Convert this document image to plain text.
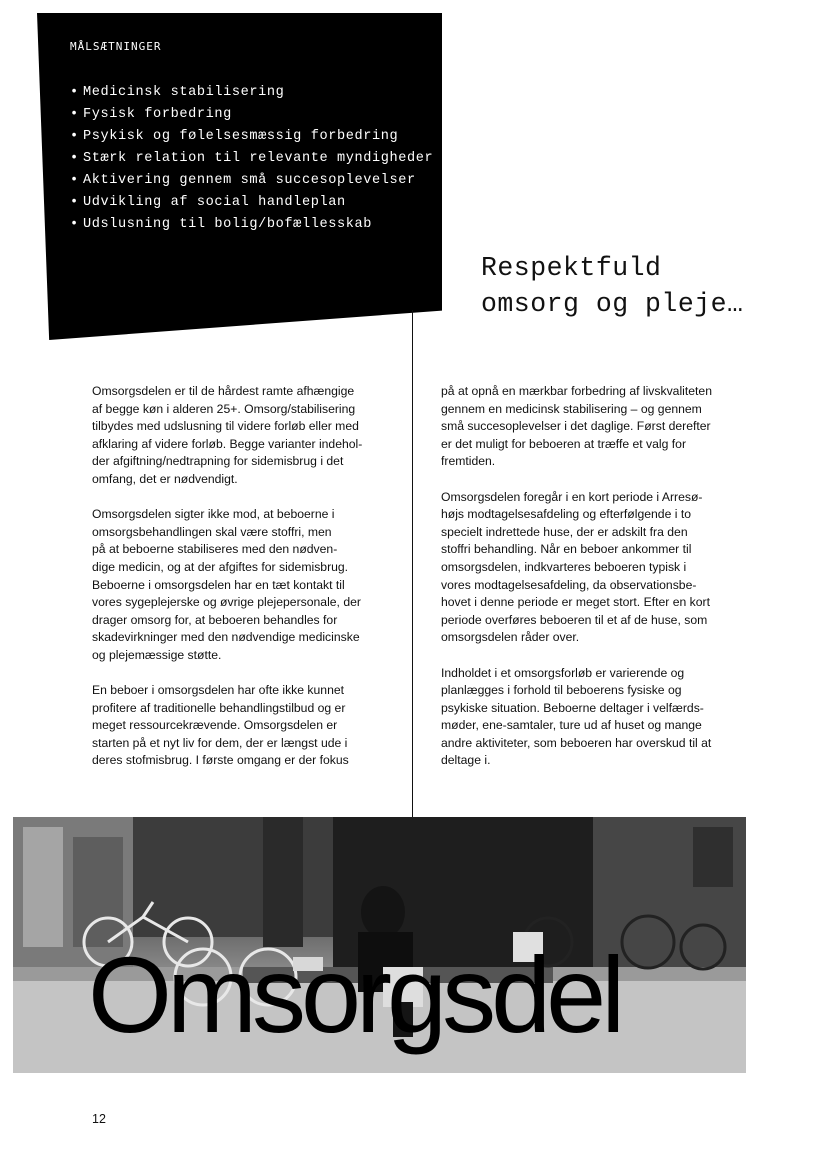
MÅLSÆTNINGER
• Medicinsk stabilisering
• Fysisk forbedring
• Psykisk og følelsesmæssig forbedring
• Stærk relation til relevante myndigheder
• Aktivering gennem små succesoplevelser
• Udvikling af social handleplan
• Udslusning til bolig/bofællesskab
Respektfuld
omsorg og pleje…

Omsorgsdelen er til de hårdest ramte afhængige
af begge køn i alderen 25+. Omsorg/stabilisering
tilbydes med udslusning til videre forløb eller med
afklaring af videre forløb. Begge varianter indehol-
der afgiftning/nedtrapning for sidemisbrug i det
omfang, det er nødvendigt.

Omsorgsdelen sigter ikke mod, at beboerne i
omsorgsbehandlingen skal være stoffri, men
på at beboerne stabiliseres med den nødven-
dige medicin, og at der afgiftes for sidemisbrug.
Beboerne i omsorgsdelen har en tæt kontakt til
vores sygeplejerske og øvrige plejepersonale, der
drager omsorg for, at beboeren behandles for
skadevirkninger med den nødvendige medicinske
og plejemæssige støtte.

En beboer i omsorgsdelen har ofte ikke kunnet
profitere af traditionelle behandlingstilbud og er
meget ressourcekrævende. Omsorgsdelen er
starten på et nyt liv for dem, der er længst ude i
deres stofmisbrug. I første omgang er der fokus

på at opnå en mærkbar forbedring af livskvaliteten
gennem en medicinsk stabilisering – og gennem
små succesoplevelser i det daglige. Først derefter
er det muligt for beboeren at træffe et valg for
fremtiden.

Omsorgsdelen foregår i en kort periode i Arresø-
højs modtagelsesafdeling og efterfølgende i to
specielt indrettede huse, der er adskilt fra den
stoffri behandling. Når en beboer ankommer til
omsorgsdelen, indkvarteres beboeren typisk i
vores modtagelsesafdeling, da observationsbe-
hovet i denne periode er meget stort. Efter en kort
periode overføres beboeren til et af de huse, som
omsorgsdelen råder over.

Indholdet i et omsorgsforløb er varierende og
planlægges i forhold til beboerens fysiske og
psykiske situation. Beboerne deltager i velfærds-
møder, ene-samtaler, ture ud af huset og mange
andre aktiviteter, som beboeren har overskud til at
deltage i.

Omsorgsdel
12
